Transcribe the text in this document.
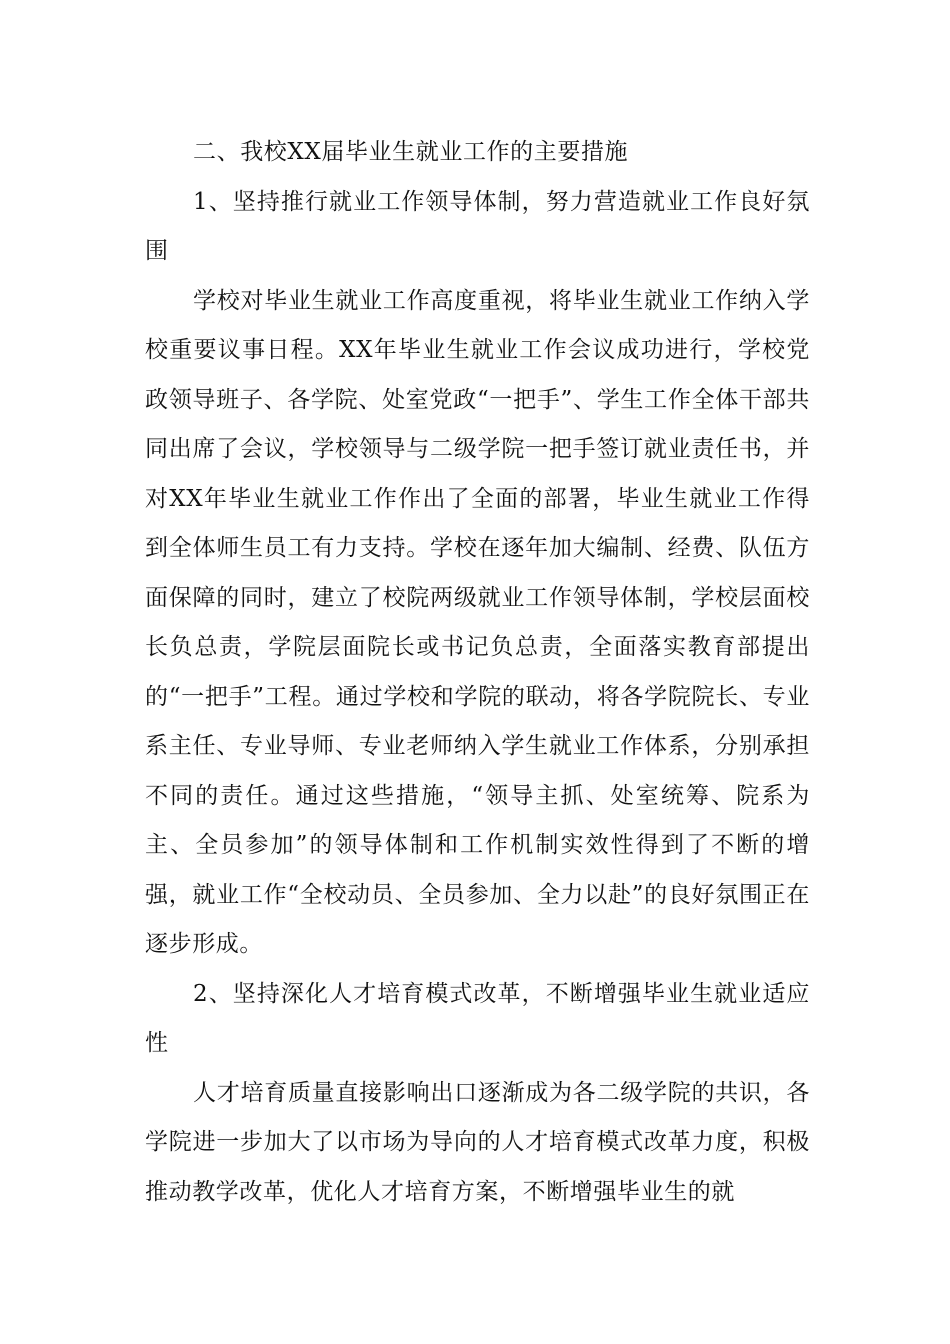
二、我校XX届毕业生就业工作的主要措施

1、坚持推行就业工作领导体制，努力营造就业工作良好氛围

学校对毕业生就业工作高度重视，将毕业生就业工作纳入学校重要议事日程。XX年毕业生就业工作会议成功进行，学校党政领导班子、各学院、处室党政“一把手”、学生工作全体干部共同出席了会议，学校领导与二级学院一把手签订就业责任书，并对XX年毕业生就业工作作出了全面的部署，毕业生就业工作得到全体师生员工有力支持。学校在逐年加大编制、经费、队伍方面保障的同时，建立了校院两级就业工作领导体制，学校层面校长负总责，学院层面院长或书记负总责，全面落实教育部提出的“一把手”工程。通过学校和学院的联动，将各学院院长、专业系主任、专业导师、专业老师纳入学生就业工作体系，分别承担不同的责任。通过这些措施，“领导主抓、处室统筹、院系为主、全员参加”的领导体制和工作机制实效性得到了不断的增强，就业工作“全校动员、全员参加、全力以赴”的良好氛围正在逐步形成。

2、坚持深化人才培育模式改革，不断增强毕业生就业适应性

人才培育质量直接影响出口逐渐成为各二级学院的共识，各学院进一步加大了以市场为导向的人才培育模式改革力度，积极推动教学改革，优化人才培育方案，不断增强毕业生的就
